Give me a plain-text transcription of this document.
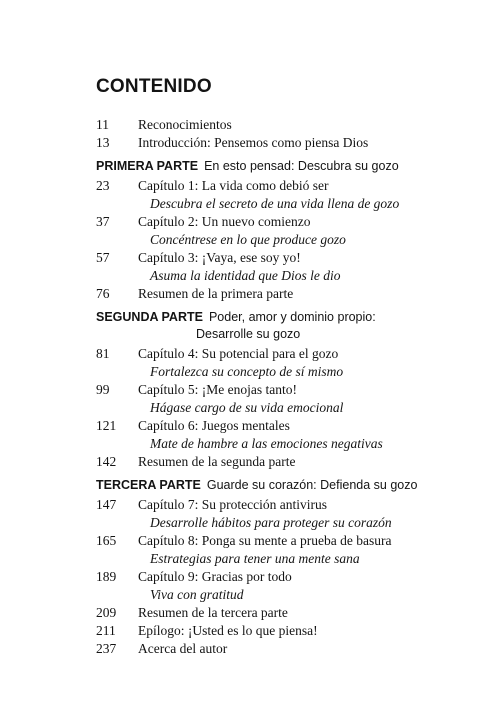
CONTENIDO
11 Reconocimientos
13 Introducción: Pensemos como piensa Dios
PRIMERA PARTE En esto pensad: Descubra su gozo
23 Capítulo 1: La vida como debió ser
Descubra el secreto de una vida llena de gozo
37 Capítulo 2: Un nuevo comienzo
Concéntrese en lo que produce gozo
57 Capítulo 3: ¡Vaya, ese soy yo!
Asuma la identidad que Dios le dio
76 Resumen de la primera parte
SEGUNDA PARTE Poder, amor y dominio propio:
Desarrolle su gozo
81 Capítulo 4: Su potencial para el gozo
Fortalezca su concepto de sí mismo
99 Capítulo 5: ¡Me enojas tanto!
Hágase cargo de su vida emocional
121 Capítulo 6: Juegos mentales
Mate de hambre a las emociones negativas
142 Resumen de la segunda parte
TERCERA PARTE Guarde su corazón: Defienda su gozo
147 Capítulo 7: Su protección antivirus
Desarrolle hábitos para proteger su corazón
165 Capítulo 8: Ponga su mente a prueba de basura
Estrategias para tener una mente sana
189 Capítulo 9: Gracias por todo
Viva con gratitud
209 Resumen de la tercera parte
211 Epílogo: ¡Usted es lo que piensa!
237 Acerca del autor
